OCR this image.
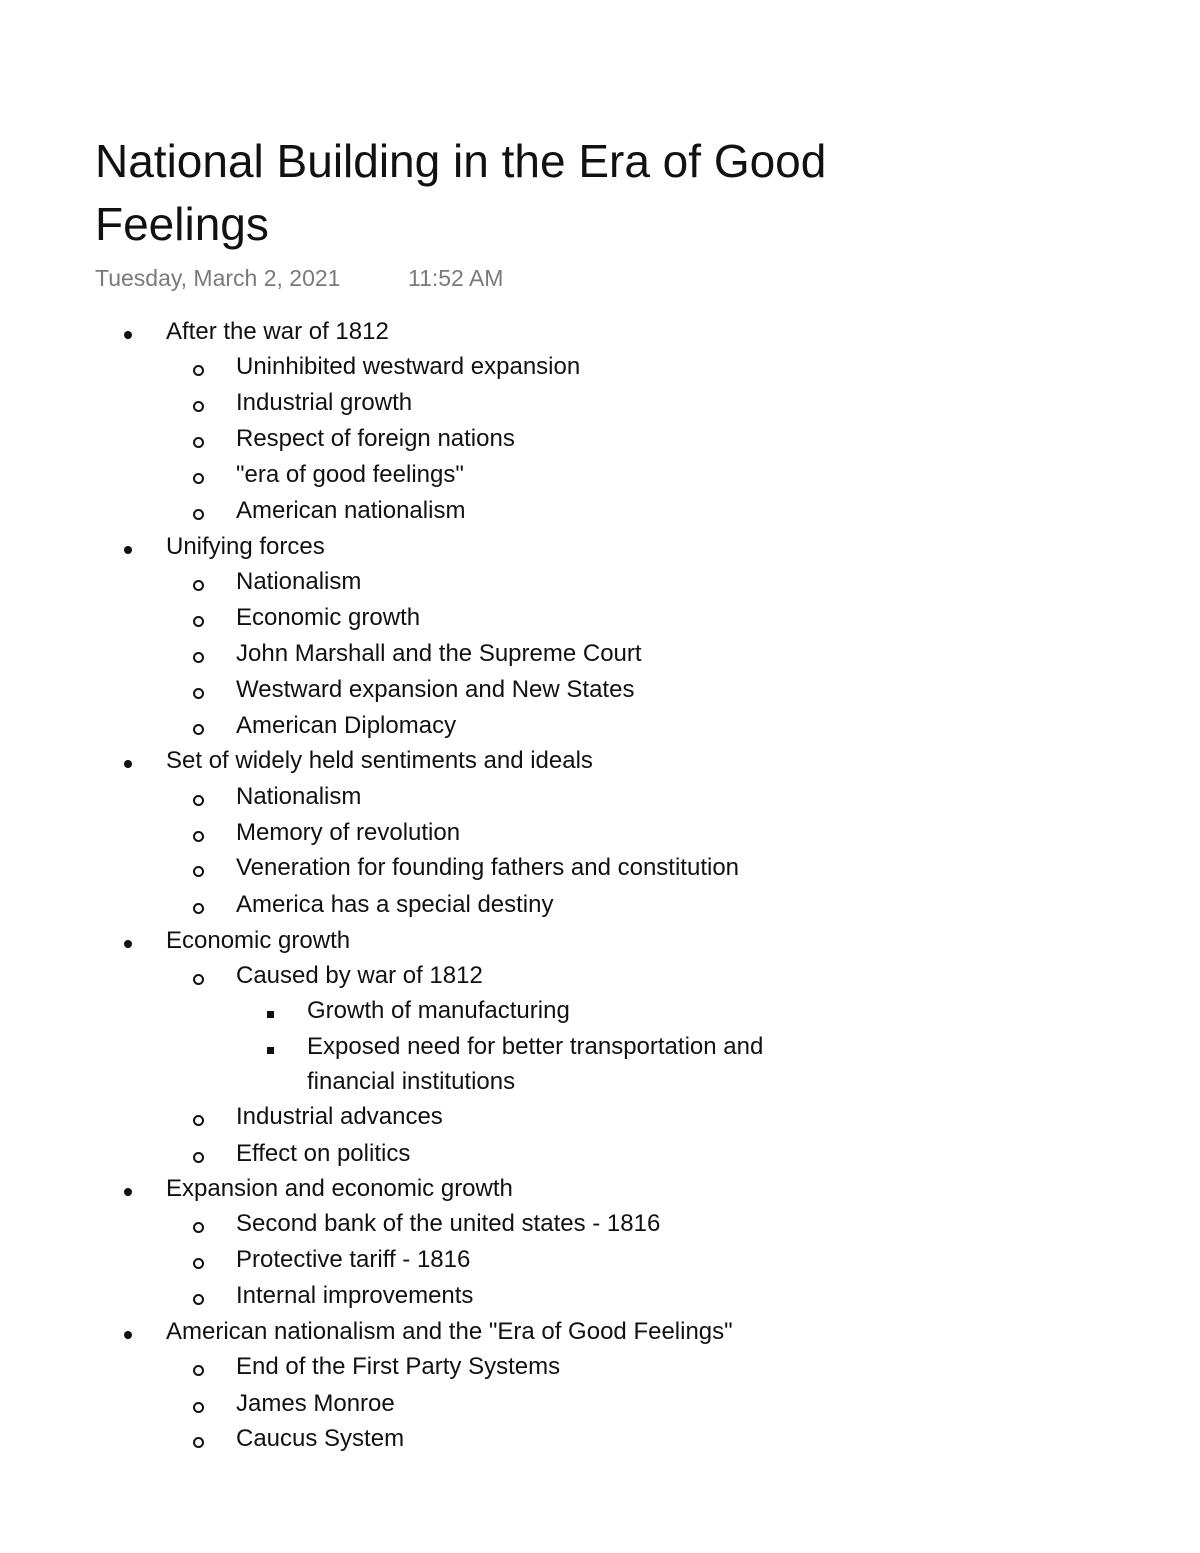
National Building in the Era of Good Feelings
Tuesday, March 2, 2021	11:52 AM
After the war of 1812
Uninhibited westward expansion
Industrial growth
Respect of foreign nations
"era of good feelings"
American nationalism
Unifying forces
Nationalism
Economic growth
John Marshall and the Supreme Court
Westward expansion and New States
American Diplomacy
Set of widely held sentiments and ideals
Nationalism
Memory of revolution
Veneration for founding fathers and constitution
America has a special destiny
Economic growth
Caused by war of 1812
Growth of manufacturing
Exposed need for better transportation and
financial institutions
Industrial advances
Effect on politics
Expansion and economic growth
Second bank of the united states - 1816
Protective tariff - 1816
Internal improvements
American nationalism and the "Era of Good Feelings"
End of the First Party Systems
James Monroe
Caucus System
